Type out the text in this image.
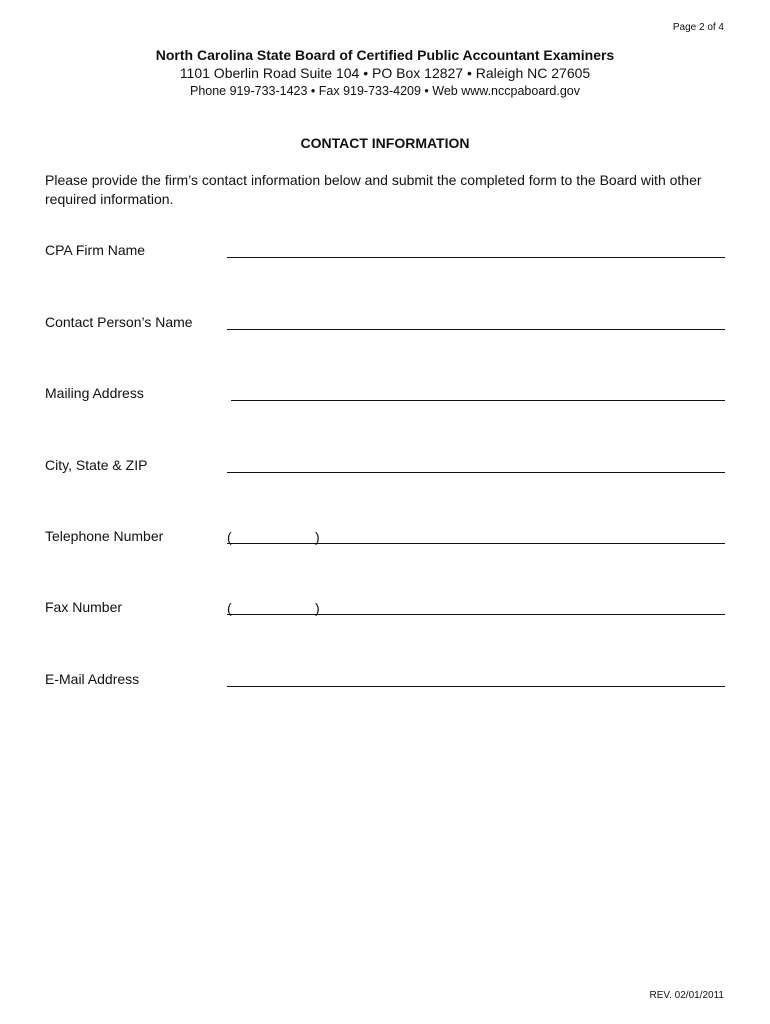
Page 2 of 4
North Carolina State Board of Certified Public Accountant Examiners
1101 Oberlin Road Suite 104 • PO Box 12827 • Raleigh NC 27605
Phone 919-733-1423 • Fax 919-733-4209 • Web www.nccpaboard.gov
CONTACT INFORMATION
Please provide the firm’s contact information below and submit the completed form to the Board with other required information.
CPA Firm Name
Contact Person’s Name
Mailing Address
City, State & ZIP
Telephone Number	(	)
Fax Number	(	)
E-Mail Address
REV. 02/01/2011
